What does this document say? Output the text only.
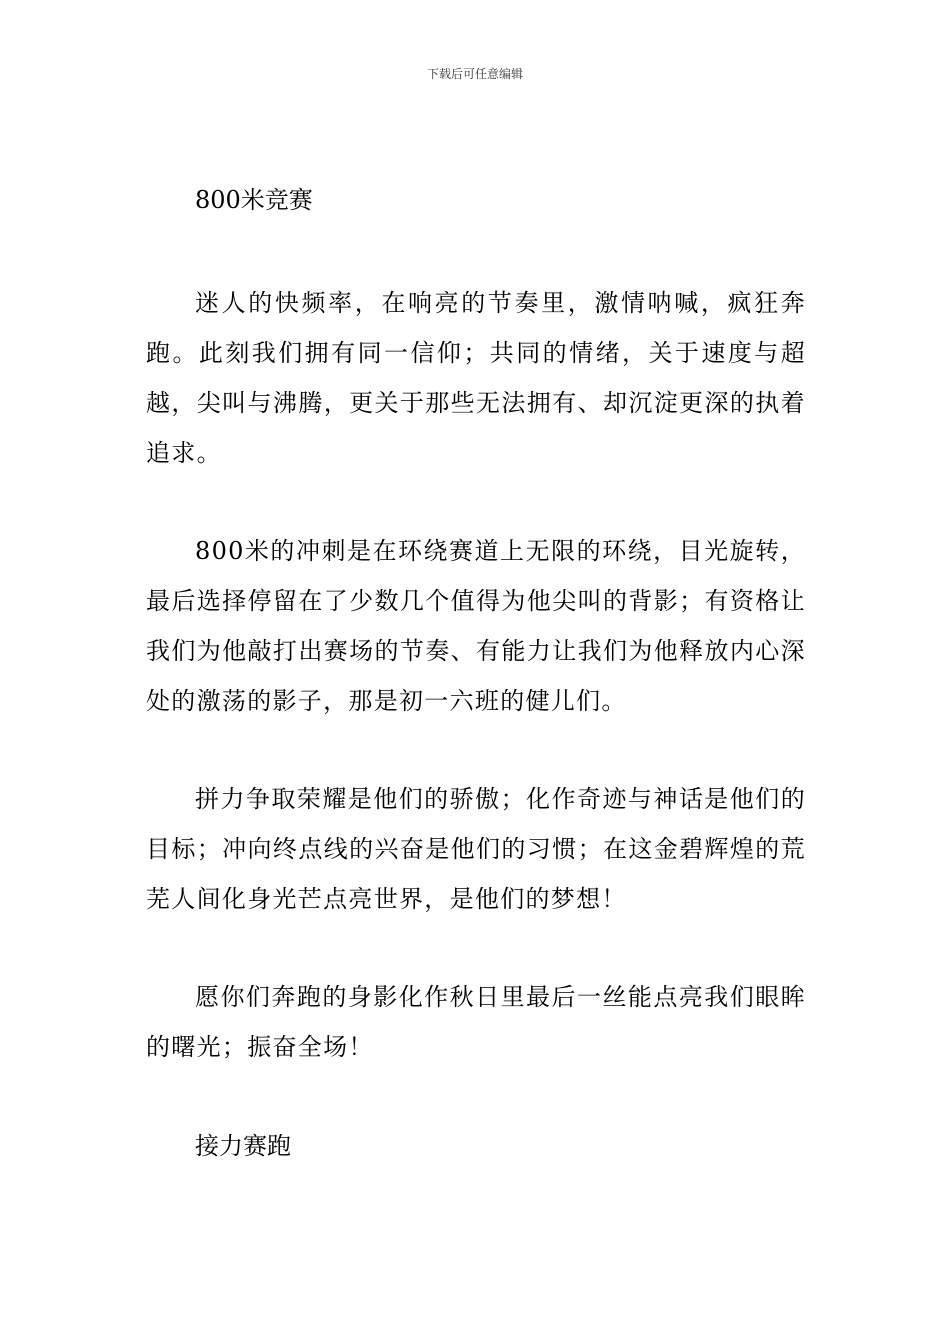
下载后可任意编辑

800米竞赛

迷人的快频率，在响亮的节奏里，激情呐喊，疯狂奔跑。此刻我们拥有同一信仰；共同的情绪，关于速度与超越，尖叫与沸腾，更关于那些无法拥有、却沉淀更深的执着追求。

800米的冲刺是在环绕赛道上无限的环绕，目光旋转，最后选择停留在了少数几个值得为他尖叫的背影；有资格让我们为他敲打出赛场的节奏、有能力让我们为他释放内心深处的激荡的影子，那是初一六班的健儿们。

拼力争取荣耀是他们的骄傲；化作奇迹与神话是他们的目标；冲向终点线的兴奋是他们的习惯；在这金碧辉煌的荒芜人间化身光芒点亮世界，是他们的梦想！

愿你们奔跑的身影化作秋日里最后一丝能点亮我们眼眸的曙光；振奋全场！

接力赛跑
